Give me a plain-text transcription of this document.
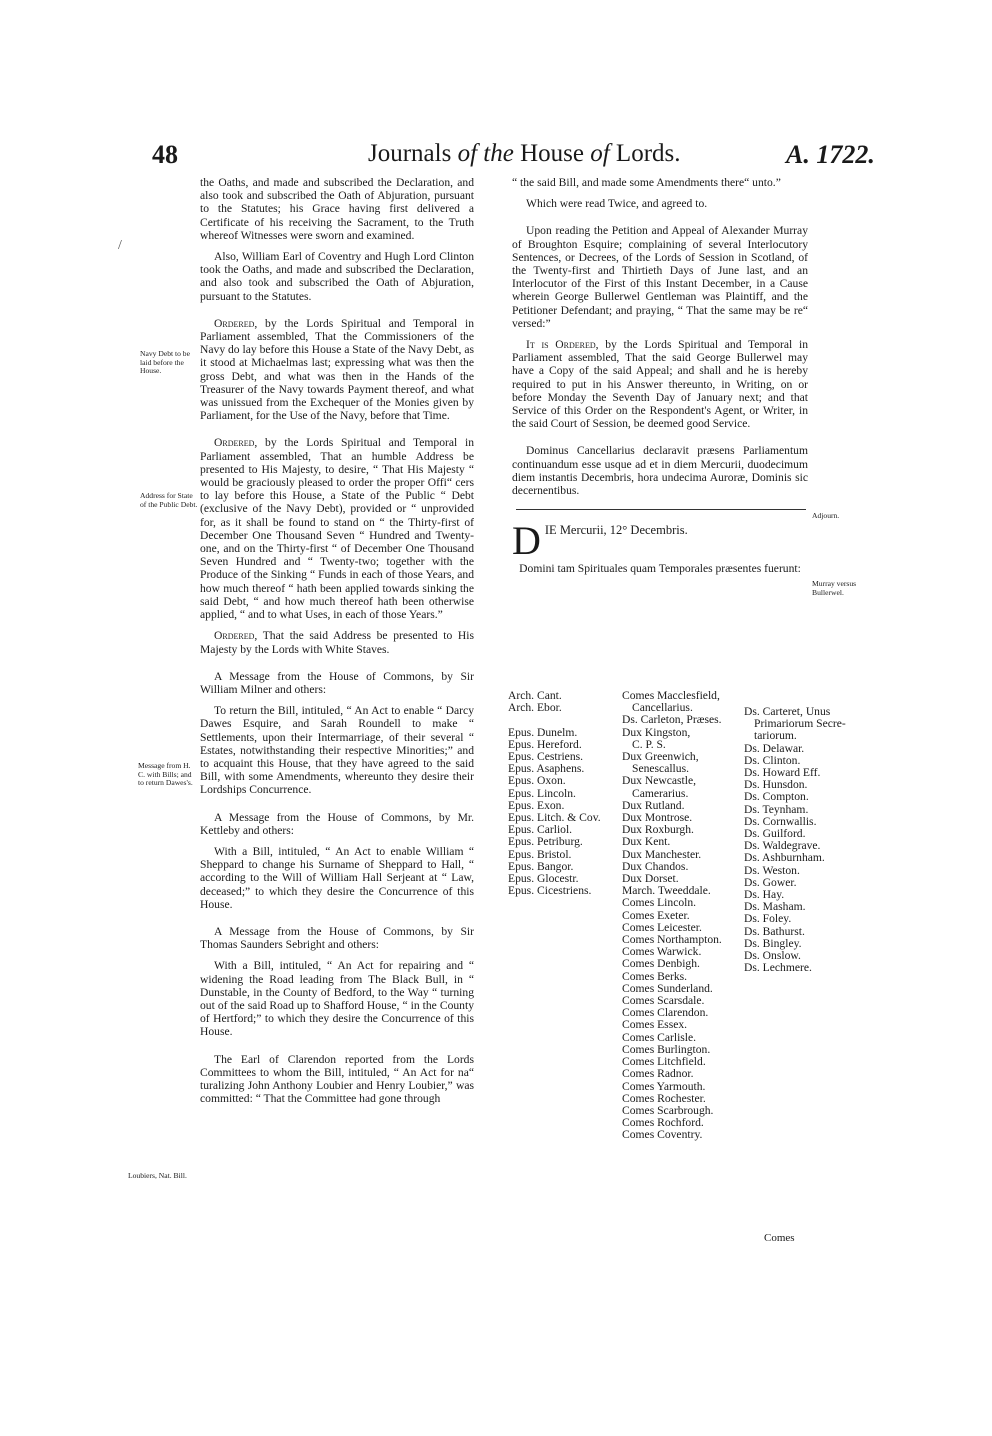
48	Journals of the House of Lords.	A. 1722.
Navy Debt to be laid before the House.
Address for State of the Public Debt.
Message from H. C. with Bills; and to return Dawes's.
Loubiers, Nat. Bill.
/
Murray versus Bullerwel.
Adjourn.

the Oaths, and made and subscribed the Declaration, and also took and subscribed the Oath of Abjuration, pursuant to the Statutes; his Grace having first delivered a Certificate of his receiving the Sacrament, to the Truth whereof Witnesses were sworn and examined.

Also, William Earl of Coventry and Hugh Lord Clinton took the Oaths, and made and subscribed the Declaration, and also took and subscribed the Oath of Abjuration, pursuant to the Statutes.

Ordered, by the Lords Spiritual and Temporal in Parliament assembled, That the Commissioners of the Navy do lay before this House a State of the Navy Debt, as it stood at Michaelmas last; expressing what was then the gross Debt, and what was then in the Hands of the Treasurer of the Navy towards Payment thereof, and what was unissued from the Exchequer of the Monies given by Parliament, for the Use of the Navy, before that Time.

Ordered, by the Lords Spiritual and Temporal in Parliament assembled, That an humble Address be presented to His Majesty, to desire, “ That His Majesty “ would be graciously pleased to order the proper Offi“ cers to lay before this House, a State of the Public “ Debt (exclusive of the Navy Debt), provided or “ unprovided for, as it shall be found to stand on “ the Thirty-first of December One Thousand Seven “ Hundred and Twenty-one, and on the Thirty-first “ of December One Thousand Seven Hundred and “ Twenty-two; together with the Produce of the Sinking “ Funds in each of those Years, and how much thereof “ hath been applied towards sinking the said Debt, “ and how much thereof hath been otherwise applied, “ and to what Uses, in each of those Years.”

Ordered, That the said Address be presented to His Majesty by the Lords with White Staves.

A Message from the House of Commons, by Sir William Milner and others:

To return the Bill, intituled, “ An Act to enable “ Darcy Dawes Esquire, and Sarah Roundell to make “ Settlements, upon their Intermarriage, of their several “ Estates, notwithstanding their respective Minorities;” and to acquaint this House, that they have agreed to the said Bill, with some Amendments, whereunto they desire their Lordships Concurrence.

A Message from the House of Commons, by Mr. Kettleby and others:

With a Bill, intituled, “ An Act to enable William “ Sheppard to change his Surname of Sheppard to Hall, “ according to the Will of William Hall Serjeant at “ Law, deceased;” to which they desire the Concurrence of this House.

A Message from the House of Commons, by Sir Thomas Saunders Sebright and others:

With a Bill, intituled, “ An Act for repairing and “ widening the Road leading from The Black Bull, in “ Dunstable, in the County of Bedford, to the Way “ turning out of the said Road up to Shafford House, “ in the County of Hertford;” to which they desire the Concurrence of this House.

The Earl of Clarendon reported from the Lords Committees to whom the Bill, intituled, “ An Act for na“ turalizing John Anthony Loubier and Henry Loubier,” was committed: “ That the Committee had gone through

“ the said Bill, and made some Amendments there“ unto.”

Which were read Twice, and agreed to.

Upon reading the Petition and Appeal of Alexander Murray of Broughton Esquire; complaining of several Interlocutory Sentences, or Decrees, of the Lords of Session in Scotland, of the Twenty-first and Thirtieth Days of June last, and an Interlocutor of the First of this Instant December, in a Cause wherein George Bullerwel Gentleman was Plaintiff, and the Petitioner Defendant; and praying, “ That the same may be re“ versed:”

It is Ordered, by the Lords Spiritual and Temporal in Parliament assembled, That the said George Bullerwel may have a Copy of the said Appeal; and shall and he is hereby required to put in his Answer thereunto, in Writing, on or before Monday the Seventh Day of January next; and that Service of this Order on the Respondent's Agent, or Writer, in the said Court of Session, be deemed good Service.

Dominus Cancellarius declaravit præsens Parliamentum continuandum esse usque ad et in diem Mercurii, duodecimum diem instantis Decembris, hora undecima Auroræ, Dominis sic decernentibus.

DIE Mercurii, 12° Decembris.

Domini tam Spirituales quam Temporales præsentes fuerunt:

Arch. Cant.
Arch. Ebor.

Epus. Dunelm.
Epus. Hereford.
Epus. Cestriens.
Epus. Asaphens.
Epus. Oxon.
Epus. Lincoln.
Epus. Exon.
Epus. Litch. & Cov.
Epus. Carliol.
Epus. Petriburg.
Epus. Bristol.
Epus. Bangor.
Epus. Glocestr.
Epus. Cicestriens.
Comes Macclesfield,
Cancellarius.
Ds. Carleton, Præses.
Dux Kingston,
C. P. S.
Dux Greenwich,
Senescallus.
Dux Newcastle,
Camerarius.
Dux Rutland.
Dux Montrose.
Dux Roxburgh.
Dux Kent.
Dux Manchester.
Dux Chandos.
Dux Dorset.
March. Tweeddale.
Comes Lincoln.
Comes Exeter.
Comes Leicester.
Comes Northampton.
Comes Warwick.
Comes Denbigh.
Comes Berks.
Comes Sunderland.
Comes Scarsdale.
Comes Clarendon.
Comes Essex.
Comes Carlisle.
Comes Burlington.
Comes Litchfield.
Comes Radnor.
Comes Yarmouth.
Comes Rochester.
Comes Scarbrough.
Comes Rochford.
Comes Coventry.
Ds. Carteret, Unus
Primariorum Secre-
tariorum.
Ds. Delawar.
Ds. Clinton.
Ds. Howard Eff.
Ds. Hunsdon.
Ds. Compton.
Ds. Teynham.
Ds. Cornwallis.
Ds. Guilford.
Ds. Waldegrave.
Ds. Ashburnham.
Ds. Weston.
Ds. Gower.
Ds. Hay.
Ds. Masham.
Ds. Foley.
Ds. Bathurst.
Ds. Bingley.
Ds. Onslow.
Ds. Lechmere.
Comes
